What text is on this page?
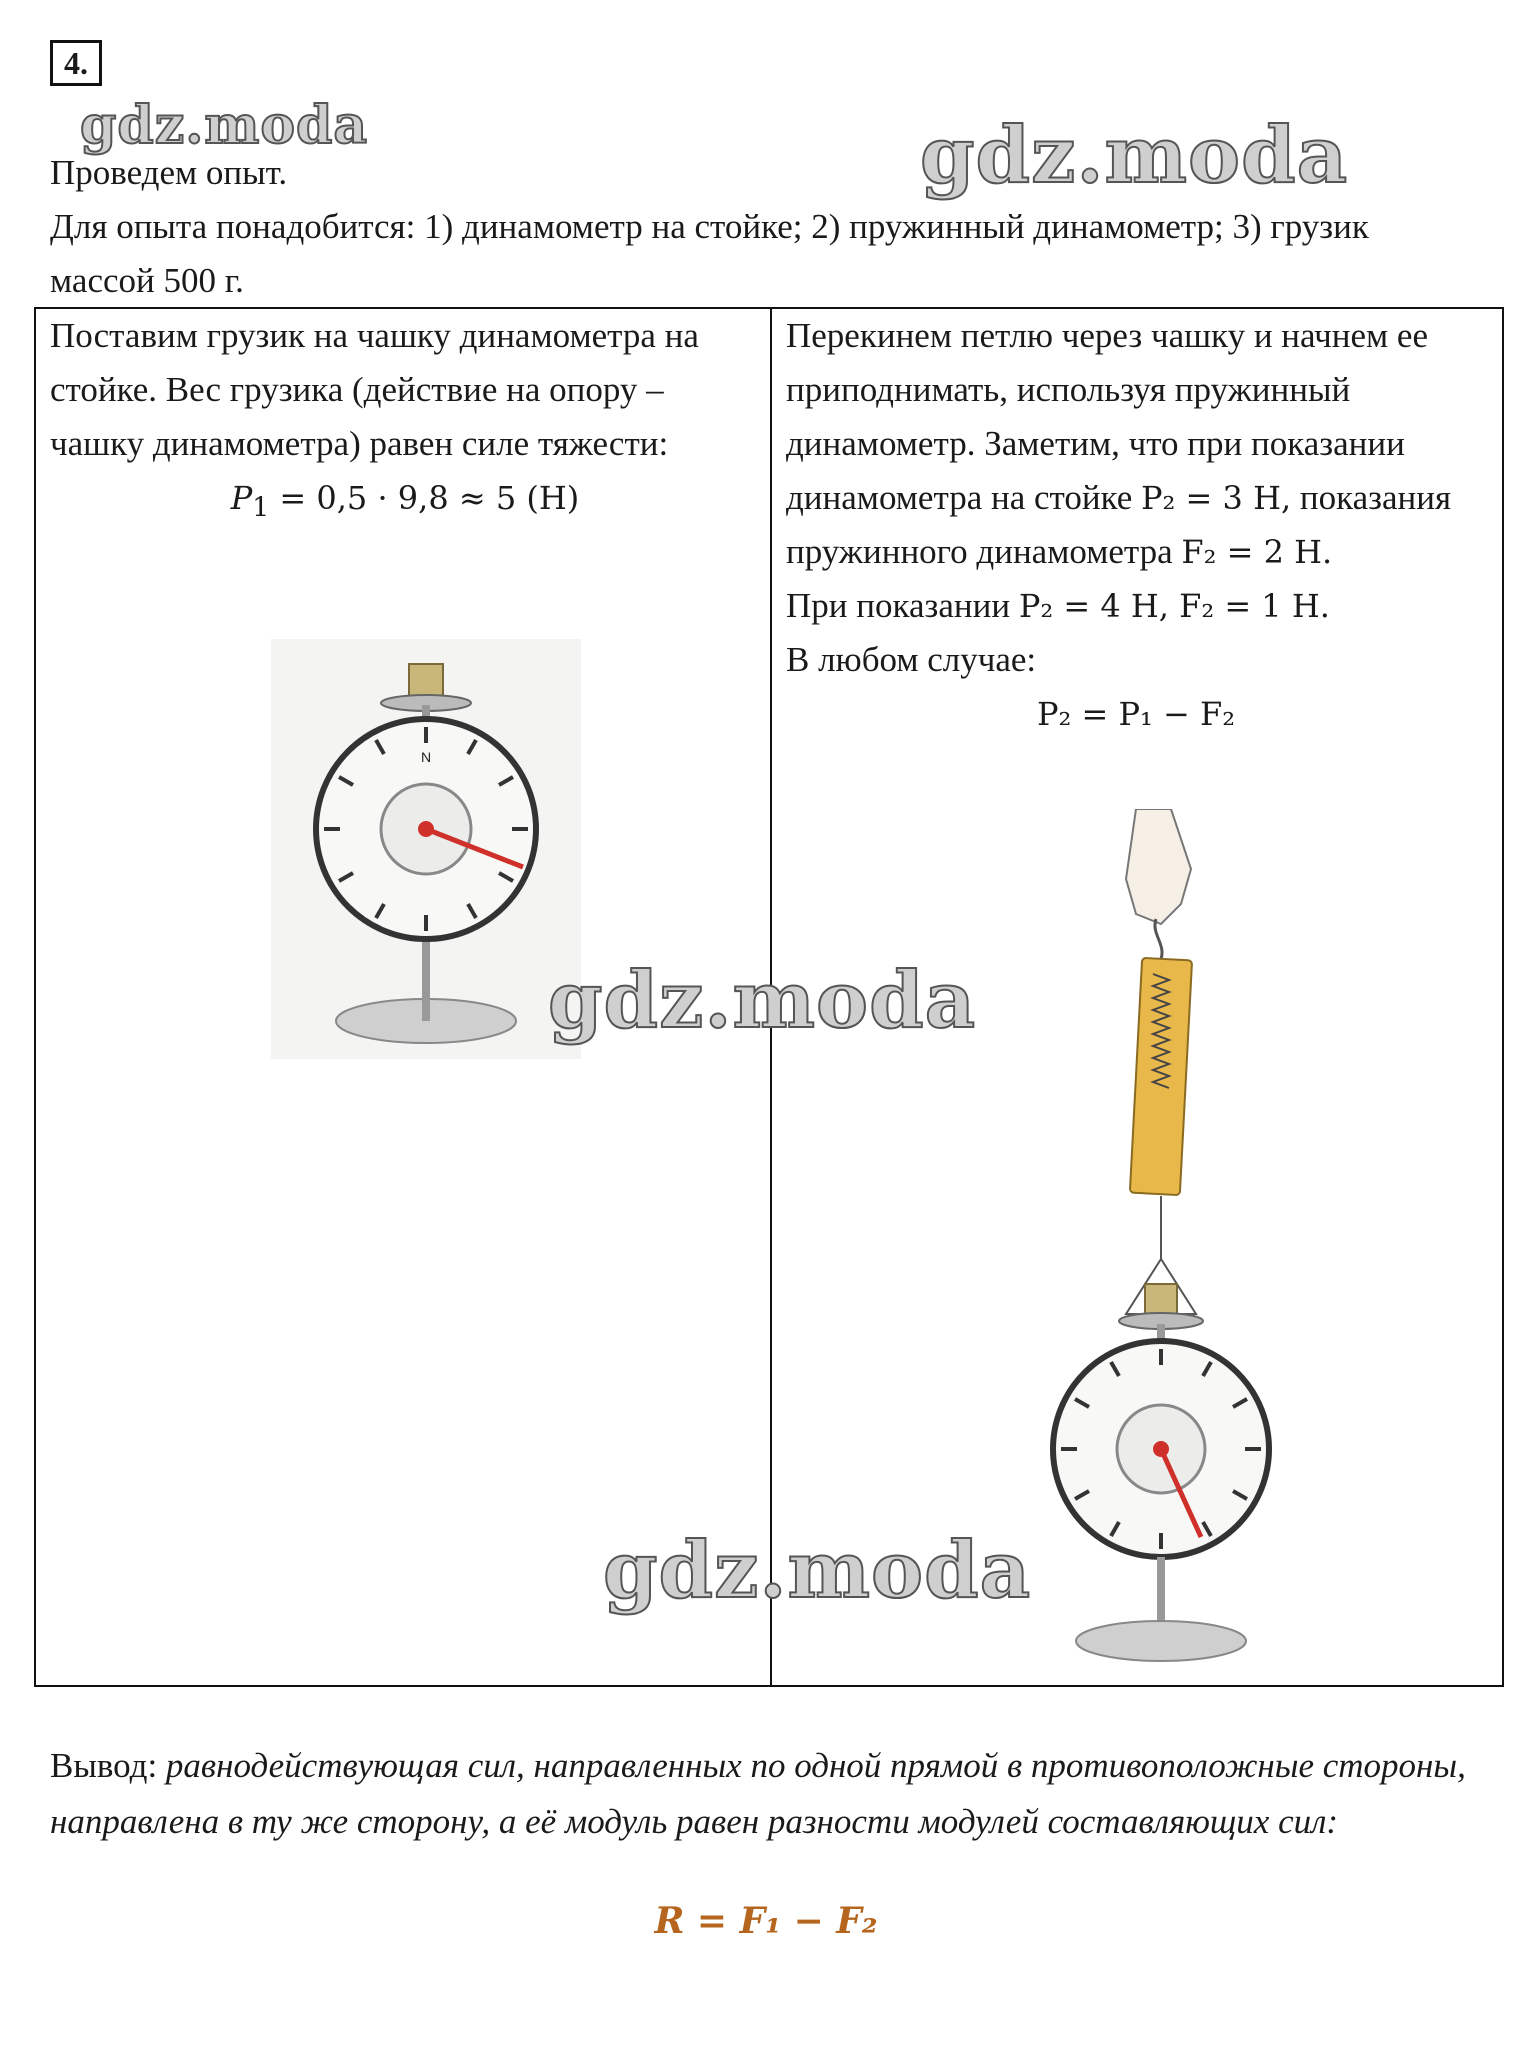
4.
gdz.moda	gdz.moda

Проведем опыт.

Для опыта понадобится: 1) динамометр на стойке; 2) пружинный динамометр; 3) грузик массой 500 г.

Поставим грузик на чашку динамометра на стойке. Вес грузика (действие на опору – чашку динамометра) равен силе тяжести:

$P_1 = 0,5 \cdot 9,8 \approx 5$ (Н)

N

Перекинем петлю через чашку и начнем ее приподнимать, используя пружинный динамометр. Заметим, что при показании динамометра на стойке P₂ = 3 Н, показания пружинного динамометра F₂ = 2 Н.

При показании P₂ = 4 Н, F₂ = 1 Н.

В любом случае:

P₂ = P₁ − F₂

gdz.moda
gdz.moda
Вывод: равнодействующая сил, направленных по одной прямой в противоположные стороны, направлена в ту же сторону, а её модуль равен разности модулей составляющих сил:
R = F₁ − F₂
